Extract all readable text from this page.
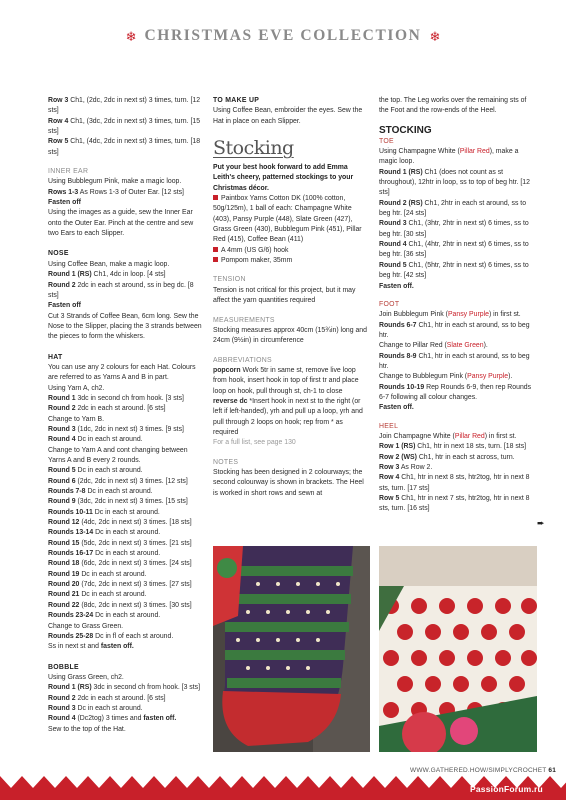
❄ CHRISTMAS EVE COLLECTION ❄

Row 3 Ch1, (2dc, 2dc in next st) 3 times, turn. [12 sts]

Row 4 Ch1, (3dc, 2dc in next st) 3 times, turn. [15 sts]

Row 5 Ch1, (4dc, 2dc in next st) 3 times, turn. [18 sts]

INNER EAR

Using Bubblegum Pink, make a magic loop.

Rows 1-3 As Rows 1-3 of Outer Ear. [12 sts]

Fasten off

Using the images as a guide, sew the Inner Ear onto the Outer Ear. Pinch at the centre and sew two Ears to each Slipper.

NOSE

Using Coffee Bean, make a magic loop.

Round 1 (RS) Ch1, 4dc in loop. [4 sts]

Round 2 2dc in each st around, ss in beg dc. [8 sts]

Fasten off

Cut 3 Strands of Coffee Bean, 6cm long. Sew the Nose to the Slipper, placing the 3 strands between the pieces to form the whiskers.

HAT

You can use any 2 colours for each Hat. Colours are referred to as Yarns A and B in part.

Using Yarn A, ch2.

Round 1 3dc in second ch from hook. [3 sts]

Round 2 2dc in each st around. [6 sts]

Change to Yarn B.

Round 3 (1dc, 2dc in next st) 3 times. [9 sts]

Round 4 Dc in each st around.

Change to Yarn A and cont changing between Yarns A and B every 2 rounds.

Round 5 Dc in each st around.

Round 6 (2dc, 2dc in next st) 3 times. [12 sts]

Rounds 7-8 Dc in each st around.

Round 9 (3dc, 2dc in next st) 3 times. [15 sts]

Rounds 10-11 Dc in each st around.

Round 12 (4dc, 2dc in next st) 3 times. [18 sts]

Rounds 13-14 Dc in each st around.

Round 15 (5dc, 2dc in next st) 3 times. [21 sts]

Rounds 16-17 Dc in each st around.

Round 18 (6dc, 2dc in next st) 3 times. [24 sts]

Round 19 Dc in each st around.

Round 20 (7dc, 2dc in next st) 3 times. [27 sts]

Round 21 Dc in each st around.

Round 22 (8dc, 2dc in next st) 3 times. [30 sts]

Rounds 23-24 Dc in each st around.

Change to Grass Green.

Rounds 25-28 Dc in fl of each st around.

Ss in next st and fasten off.

BOBBLE

Using Grass Green, ch2.

Round 1 (RS) 3dc in second ch from hook. [3 sts]

Round 2 2dc in each st around. [6 sts]

Round 3 Dc in each st around.

Round 4 (Dc2tog) 3 times and fasten off.

Sew to the top of the Hat.

TO MAKE UP

Using Coffee Bean, embroider the eyes. Sew the Hat in place on each Slipper.

Stocking

Put your best hook forward to add Emma Leith's cheery, patterned stockings to your Christmas décor.

Paintbox Yarns Cotton DK (100% cotton, 50g/125m), 1 ball of each: Champagne White (403), Pansy Purple (448), Slate Green (427), Grass Green (430), Bubblegum Pink (451), Pillar Red (415), Coffee Bean (411)

A 4mm (US G/6) hook

Pompom maker, 35mm

TENSION

Tension is not critical for this project, but it may affect the yarn quantities required

MEASUREMENTS

Stocking measures approx 40cm (15¾in) long and 24cm (9½in) in circumference

ABBREVIATIONS

popcorn Work 5tr in same st, remove live loop from hook, insert hook in top of first tr and place loop on hook, pull through st, ch-1 to close

reverse dc *Insert hook in next st to the right (or left if left-handed), yrh and pull up a loop, yrh and pull through 2 loops on hook; rep from * as required

For a full list, see page 130

NOTES

Stocking has been designed in 2 colourways; the second colourway is shown in brackets. The Heel is worked in short rows and sewn at

the top. The Leg works over the remaining sts of the Foot and the row-ends of the Heel.

STOCKING

TOE

Using Champagne White (Pillar Red), make a magic loop.

Round 1 (RS) Ch1 (does not count as st throughout), 12htr in loop, ss to top of beg htr. [12 sts]

Round 2 (RS) Ch1, 2htr in each st around, ss to beg htr. [24 sts]

Round 3 Ch1, (3htr, 2htr in next st) 6 times, ss to beg htr. [30 sts]

Round 4 Ch1, (4htr, 2htr in next st) 6 times, ss to beg htr. [36 sts]

Round 5 Ch1, (5htr, 2htr in next st) 6 times, ss to beg htr. [42 sts]

Fasten off.

FOOT

Join Bubblegum Pink (Pansy Purple) in first st.

Rounds 6-7 Ch1, htr in each st around, ss to beg htr.

Change to Pillar Red (Slate Green).

Rounds 8-9 Ch1, htr in each st around, ss to beg htr.

Change to Bubblegum Pink (Pansy Purple).

Rounds 10-19 Rep Rounds 6-9, then rep Rounds 6-7 following all colour changes.

Fasten off.

HEEL

Join Champagne White (Pillar Red) in first st.

Row 1 (RS) Ch1, htr in next 18 sts, turn. [18 sts]

Row 2 (WS) Ch1, htr in each st across, turn.

Row 3 As Row 2.

Row 4 Ch1, htr in next 8 sts, htr2tog, htr in next 8 sts, turn. [17 sts]

Row 5 Ch1, htr in next 7 sts, htr2tog, htr in next 8 sts, turn. [16 sts]

➨
WWW.GATHERED.HOW/SIMPLYCROCHET 61
PassionForum.ru
